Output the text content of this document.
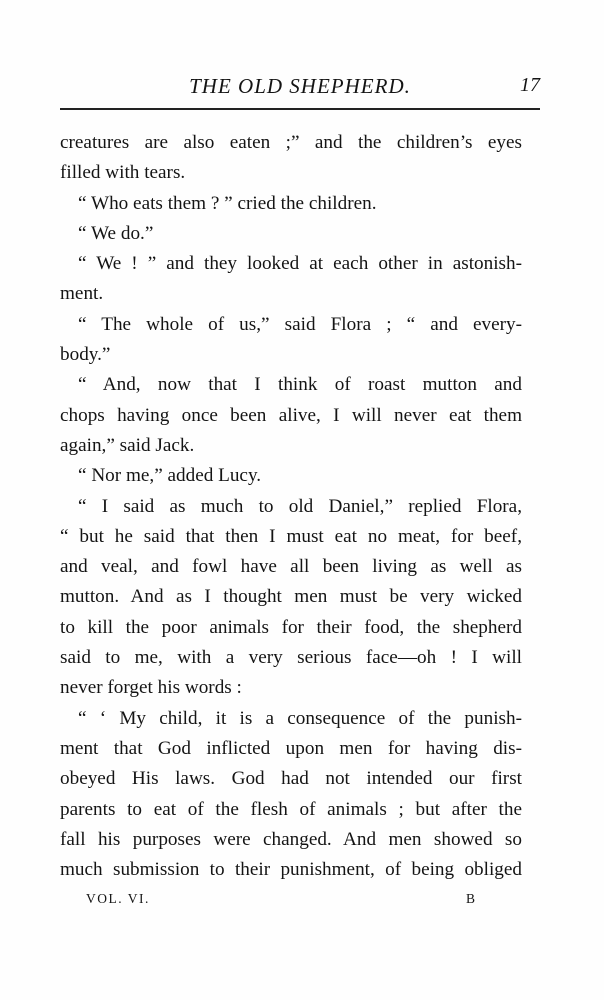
THE OLD SHEPHERD.	17
creatures are also eaten ;” and the children’s eyes
filled with tears.
“ Who eats them ? ” cried the children.
“ We do.”
“ We ! ” and they looked at each other in astonish-
ment.
“ The whole of us,” said Flora ; “ and every-
body.”
“ And, now that I think of roast mutton and
chops having once been alive, I will never eat them
again,” said Jack.
“ Nor me,” added Lucy.
“ I said as much to old Daniel,” replied Flora,
“ but he said that then I must eat no meat, for beef,
and veal, and fowl have all been living as well as
mutton. And as I thought men must be very wicked
to kill the poor animals for their food, the shepherd
said to me, with a very serious face—oh ! I will
never forget his words :
“ ‘ My child, it is a consequence of the punish-
ment that God inflicted upon men for having dis-
obeyed His laws. God had not intended our first
parents to eat of the flesh of animals ; but after the
fall his purposes were changed. And men showed so
much submission to their punishment, of being obliged
VOL. VI.	B
